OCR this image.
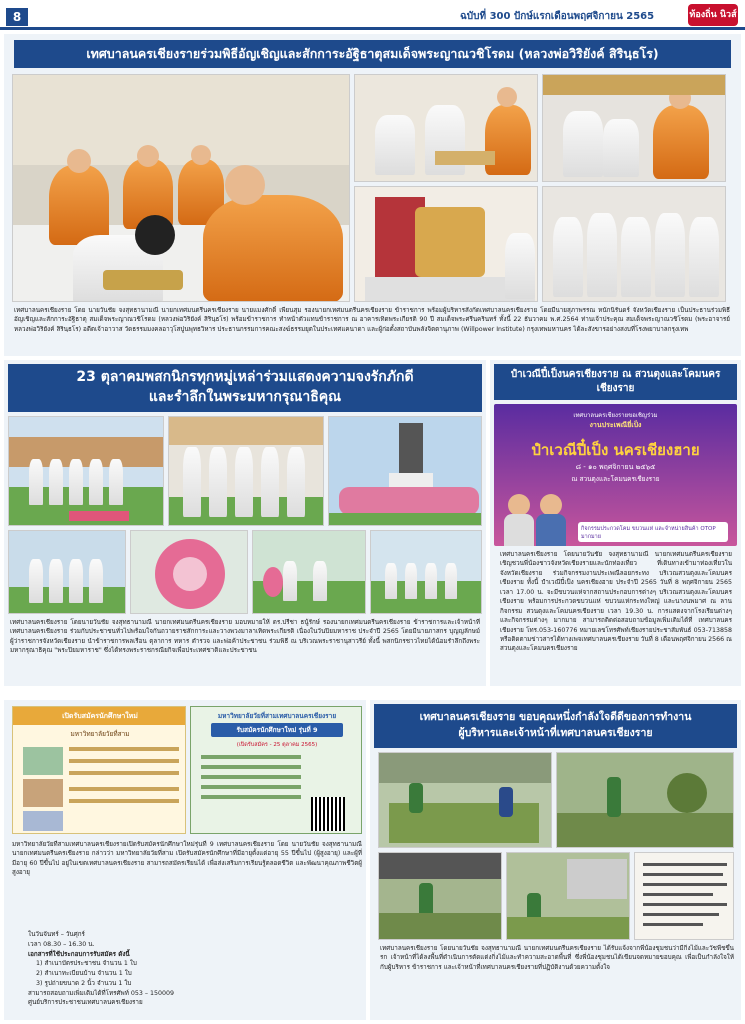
8	ฉบับที่ 300 ปักษ์แรกเดือนพฤศจิกายน 2565	ท้องถิ่น นิวส์
เทศบาลนครเชียงรายร่วมพิธีอัญเชิญและสักการะอัฐิธาตุสมเด็จพระญาณวชิโรดม (หลวงพ่อวิริยังค์ สิรินฺธโร)
เทศบาลนครเชียงราย โดย นายวันชัย จงสุทธานามณี นายกเทศมนตรีนครเชียงราย นายแมงศักดิ์ เพียนสุม รองนายกเทศมนตรีนครเชียงราย ข้าราชการ พร้อมผู้บริหารสังกัดเทศบาลนครเชียงราย โดยมีนายสุภาพรรณ หนักนิรันดร์ จังหวัดเชียงราย เป็นประธานร่วมพิธีอัญเชิญและสักการะอัฐิธาตุ สมเด็จพระญาณวชิโรดม (หลวงพ่อวิริยังค์ สิรินฺธโร) พร้อมข้าราชการ ทำหน้าตัวแทนข้าราชการ ณ อาคารเทิดพระเกียรติ 90 ปี สมเด็จพระศรีนครินทร์ ทั้งนี้ 22 ธันวาคม พ.ศ.2564 ท่านเจ้าประคุณ สมเด็จพระญาณวชิโรดม (พระอาจารย์หลวงพ่อวิริยังค์ สิรินฺธโร) อดีตเจ้าอาวาส วัดธรรมมงคลอาวุโสปูนพุทธวิหาร ประธานกรรมการคณะสงฆ์ธรรมยุตในประเทศแคนาดา และผู้ก่อตั้งสถาบันพลังจิตตานุภาพ (Willpower Institute) กรุงเทพมหานคร ได้ละสังขารอย่างสงบที่โรงพยาบาลกรุงเทพ
23 ตุลาคมพสกนิกรทุกหมู่เหล่าร่วมแสดงความจงรักภักดี
และรำลึกในพระมหากรุณาธิคุณ
เทศบาลนครเชียงราย โดยนายวันชัย จงสุทธานามณี นายกเทศมนตรีนครเชียงราย มอบหมายให้ ดร.ปรีชา ธนู้รักษ์ รองนายกเทศมนตรีนครเชียงราย ข้าราชการและเจ้าหน้าที่เทศบาลนครเชียงราย ร่วมกับประชาชนทั่วไปพร้อมใจกันถวายราชสักการะและวางพวงมาลาเทิดพระเกียรติ เนื่องในวันปิยมหาราช ประจำปี 2565 โดยมีนายภาสกร บุญญลักษม์ ผู้ว่าราชการจังหวัดเชียงราย นำข้าราชการพลเรือน ตุลาการ ทหาร ตำรวจ และพ่อค้าประชาชน ร่วมพิธี ณ บริเวณพระราชานุสาวรีย์ ทั้งนี้ พสกนิกรชาวไทยได้น้อมรำลึกถึงพระมหากรุณาธิคุณ "พระปิยมหาราช" ซึ่งได้ทรงพระราชกรณียกิจเพื่อประเทศชาติและประชาชน
ปำเวณีปี๋เป็งนครเชียงราย ณ สวนตุงและโคมนครเชียงราย
เทศบาลนครเชียงรายขอเชิญร่วม
งานประเพณียี่เป็ง
ปำเวณีปี๋เป็ง นครเชียงฮาย
๘ - ๑๐ พฤศจิกายน ๒๕๖๕
ณ สวนตุงและโคมนครเชียงราย
กิจกรรมประกวดโคม ขบวนแห่ และจำหน่ายสินค้า OTOP มากมาย
เทศบาลนครเชียงราย โดยนายวันชัย จงสุทธานามณี นายกเทศมนตรีนครเชียงราย เชิญชวนพี่น้องชาวจังหวัดเชียงรายและนักท่องเที่ยว ที่เดินทางเข้ามาท่องเที่ยวในจังหวัดเชียงราย ร่วมกิจกรรมงานประเพณีลอยกระทง บริเวณสวนตุงและโคมนครเชียงราย ทั้งนี้ ปำเวณีปี๋เป็ง นครเชียงฮาย ประจำปี 2565 วันที่ 8 พฤศจิกายน 2565 เวลา 17.00 น. จะมีขบวนแห่จากสถานประกอบการต่างๆ บริเวณสวนตุงและโคมนครเชียงราย พร้อมการประกวดขบวนแห่ ขบวนแห่กระทงใหญ่ และนางนพมาศ ณ ลานกิจกรรม สวนตุงและโคมนครเชียงราย เวลา 19.30 น. การแสดงจากโรงเรียนต่างๆ และกิจกรรมต่างๆ มากมาย สามารถติดต่อสอบถามข้อมูลเพิ่มเติมได้ที่ เทศบาลนครเชียงราย โทร.053-160776 หมายเลขโทรศัพท์เชียงรายประชาสัมพันธ์ 053-713858 หรือติดตามข่าวสารได้ทางเพจเทศบาลนครเชียงราย วันที่ 8 เดือนพฤศจิกายน 2566 ณ สวนตุงและโคมนครเชียงราย
เปิดรับสมัครนักศึกษาใหม่
มหาวิทยาลัยวัยที่สาม
มหาวิทยาลัยวัยที่สามเทศบาลนครเชียงราย
รับสมัครนักศึกษาใหม่ รุ่นที่ 9
(เปิดรับสมัคร - 25 ตุลาคม 2565)
มหาวิทยาลัยวัยที่สามเทศบาลนครเชียงรายเปิดรับสมัครนักศึกษาใหม่รุ่นที่ 9 เทศบาลนครเชียงราย โดย นายวันชัย จงสุทธานามณี นายกเทศมนตรีนครเชียงราย กล่าวว่า มหาวิทยาลัยวัยที่สาม เปิดรับสมัครนักศึกษาที่มีอายุตั้งแต่อายุ 55 ปีขึ้นไป (ผู้สูงอายุ) และผู้ที่มีอายุ 60 ปีขึ้นไป อยู่ในเขตเทศบาลนครเชียงราย สามารถสมัครเรียนได้ เพื่อส่งเสริมการเรียนรู้ตลอดชีวิต และพัฒนาคุณภาพชีวิตผู้สูงอายุ
ในวันจันทร์ – วันศุกร์
เวลา 08.30 – 16.30 น.
เอกสารที่ใช้ประกอบการรับสมัคร ดังนี้
1) สำเนาบัตรประชาชน จำนวน 1 ใบ
2) สำเนาทะเบียนบ้าน จำนวน 1 ใบ
3) รูปถ่ายขนาด 2 นิ้ว จำนวน 1 ใบ
สามารถสอบถามเพิ่มเติมได้ที่โทรศัพท์ 053 – 150009
ศูนย์บริการประชาชนเทศบาลนครเชียงราย
เทศบาลนครเชียงราย ขอบคุณหนึ่งกำลังใจดีดีของการทำงาน
ผู้บริหารและเจ้าหน้าที่เทศบาลนครเชียงราย
เทศบาลนครเชียงราย โดยนายวันชัย จงสุทธานามณี นายกเทศมนตรีนครเชียงราย ได้รับแจ้งจากพี่น้องชุมชนว่ามีกิ่งไม้และวัชพืชขึ้นรก เจ้าหน้าที่ได้ลงพื้นที่ดำเนินการตัดแต่งกิ่งไม้และทำความสะอาดพื้นที่ ซึ่งพี่น้องชุมชนได้เขียนจดหมายขอบคุณ เพื่อเป็นกำลังใจให้กับผู้บริหาร ข้าราชการ และเจ้าหน้าที่เทศบาลนครเชียงรายที่ปฏิบัติงานด้วยความตั้งใจ
